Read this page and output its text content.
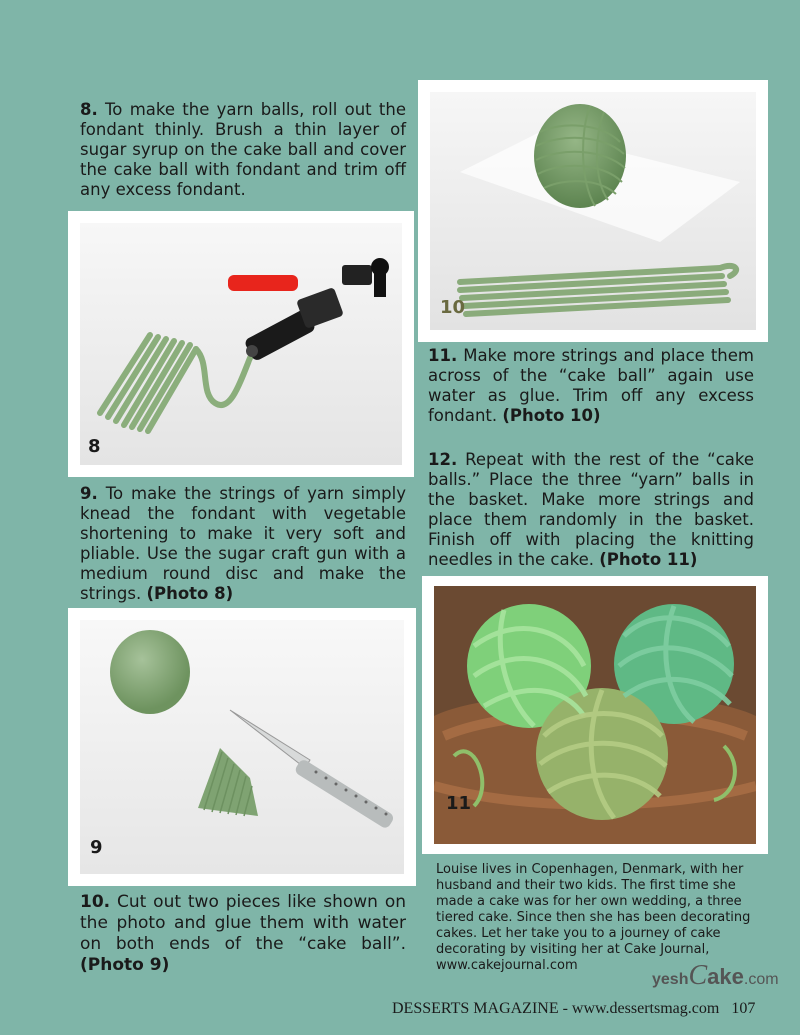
8. To make the yarn balls, roll out the fondant thinly. Brush a thin layer of sugar syrup on the cake ball and cover the cake ball with fondant and trim off any excess fondant.
8
9. To make the strings of yarn simply knead the fondant with vegetable shortening to make it very soft and pliable. Use the sugar craft gun with a medium round disc and make the strings. (Photo 8)
9
10. Cut out two pieces like shown on the photo and glue them with water on both ends of the “cake ball”. (Photo 9)
10
11. Make more strings and place them across of the “cake ball” again use water as glue. Trim off any excess fondant. (Photo 10)
12. Repeat with the rest of the “cake balls.” Place the three “yarn” balls in the basket. Make more strings and place them randomly in the basket. Finish off with placing the knitting needles in the cake. (Photo 11)
11
Louise lives in Copenhagen, Denmark, with her husband and their two kids. The first time she made a cake was for her own wedding, a three tiered cake. Since then she has been decorating cakes. Let her take you to a journey of cake decorating by visiting her at Cake Journal, www.cakejournal.com
yeshCake.com
DESSERTS MAGAZINE - www.dessertsmag.com 107
